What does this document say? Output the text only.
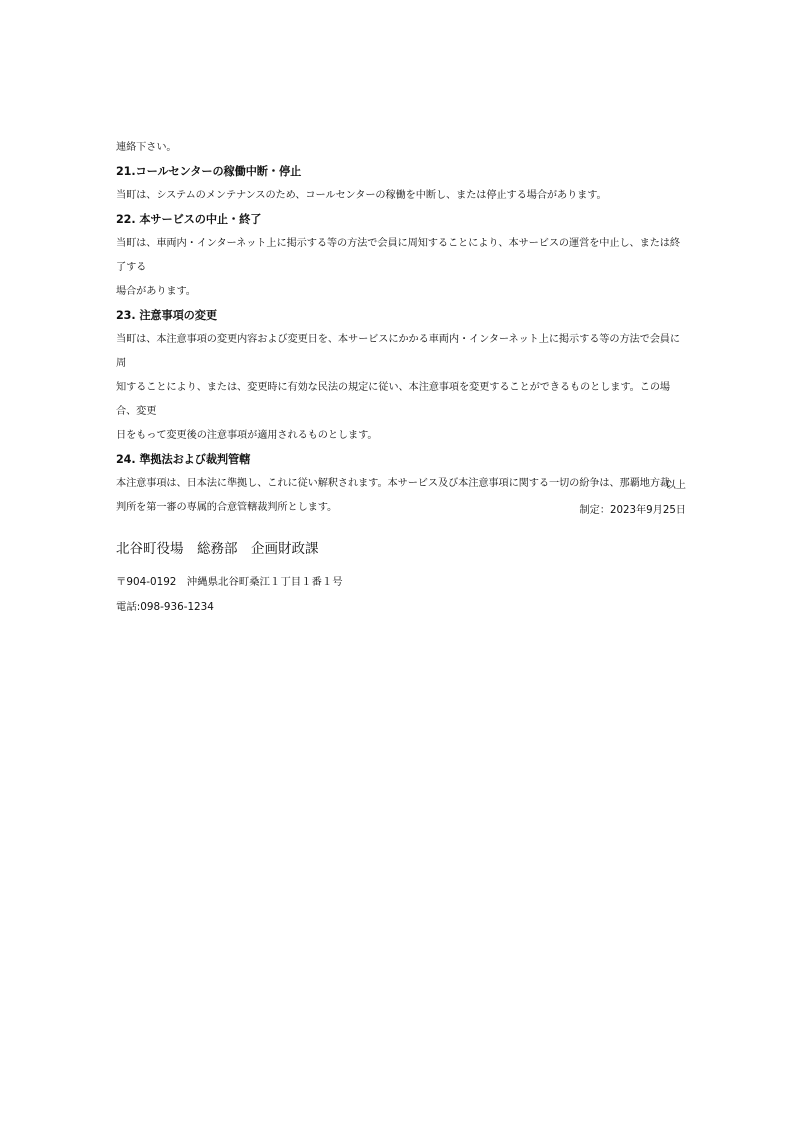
連絡下さい。

21.コールセンターの稼働中断・停止

当町は、システムのメンテナンスのため、コールセンターの稼働を中断し、または停止する場合があります。

22. 本サービスの中止・終了

当町は、車両内・インターネット上に掲示する等の方法で会員に周知することにより、本サービスの運営を中止し、または終了する

場合があります。

23. 注意事項の変更

当町は、本注意事項の変更内容および変更日を、本サービスにかかる車両内・インターネット上に掲示する等の方法で会員に周

知することにより、または、変更時に有効な民法の規定に従い、本注意事項を変更することができるものとします。この場合、変更

日をもって変更後の注意事項が適用されるものとします。

24. 準拠法および裁判管轄

本注意事項は、日本法に準拠し、これに従い解釈されます。本サービス及び本注意事項に関する一切の紛争は、那覇地方裁

判所を第一審の専属的合意管轄裁判所とします。

以上
制定：2023年9月25日
北谷町役場　総務部　企画財政課
〒904-0192　沖縄県北谷町桑江１丁目１番１号
電話:098-936-1234
